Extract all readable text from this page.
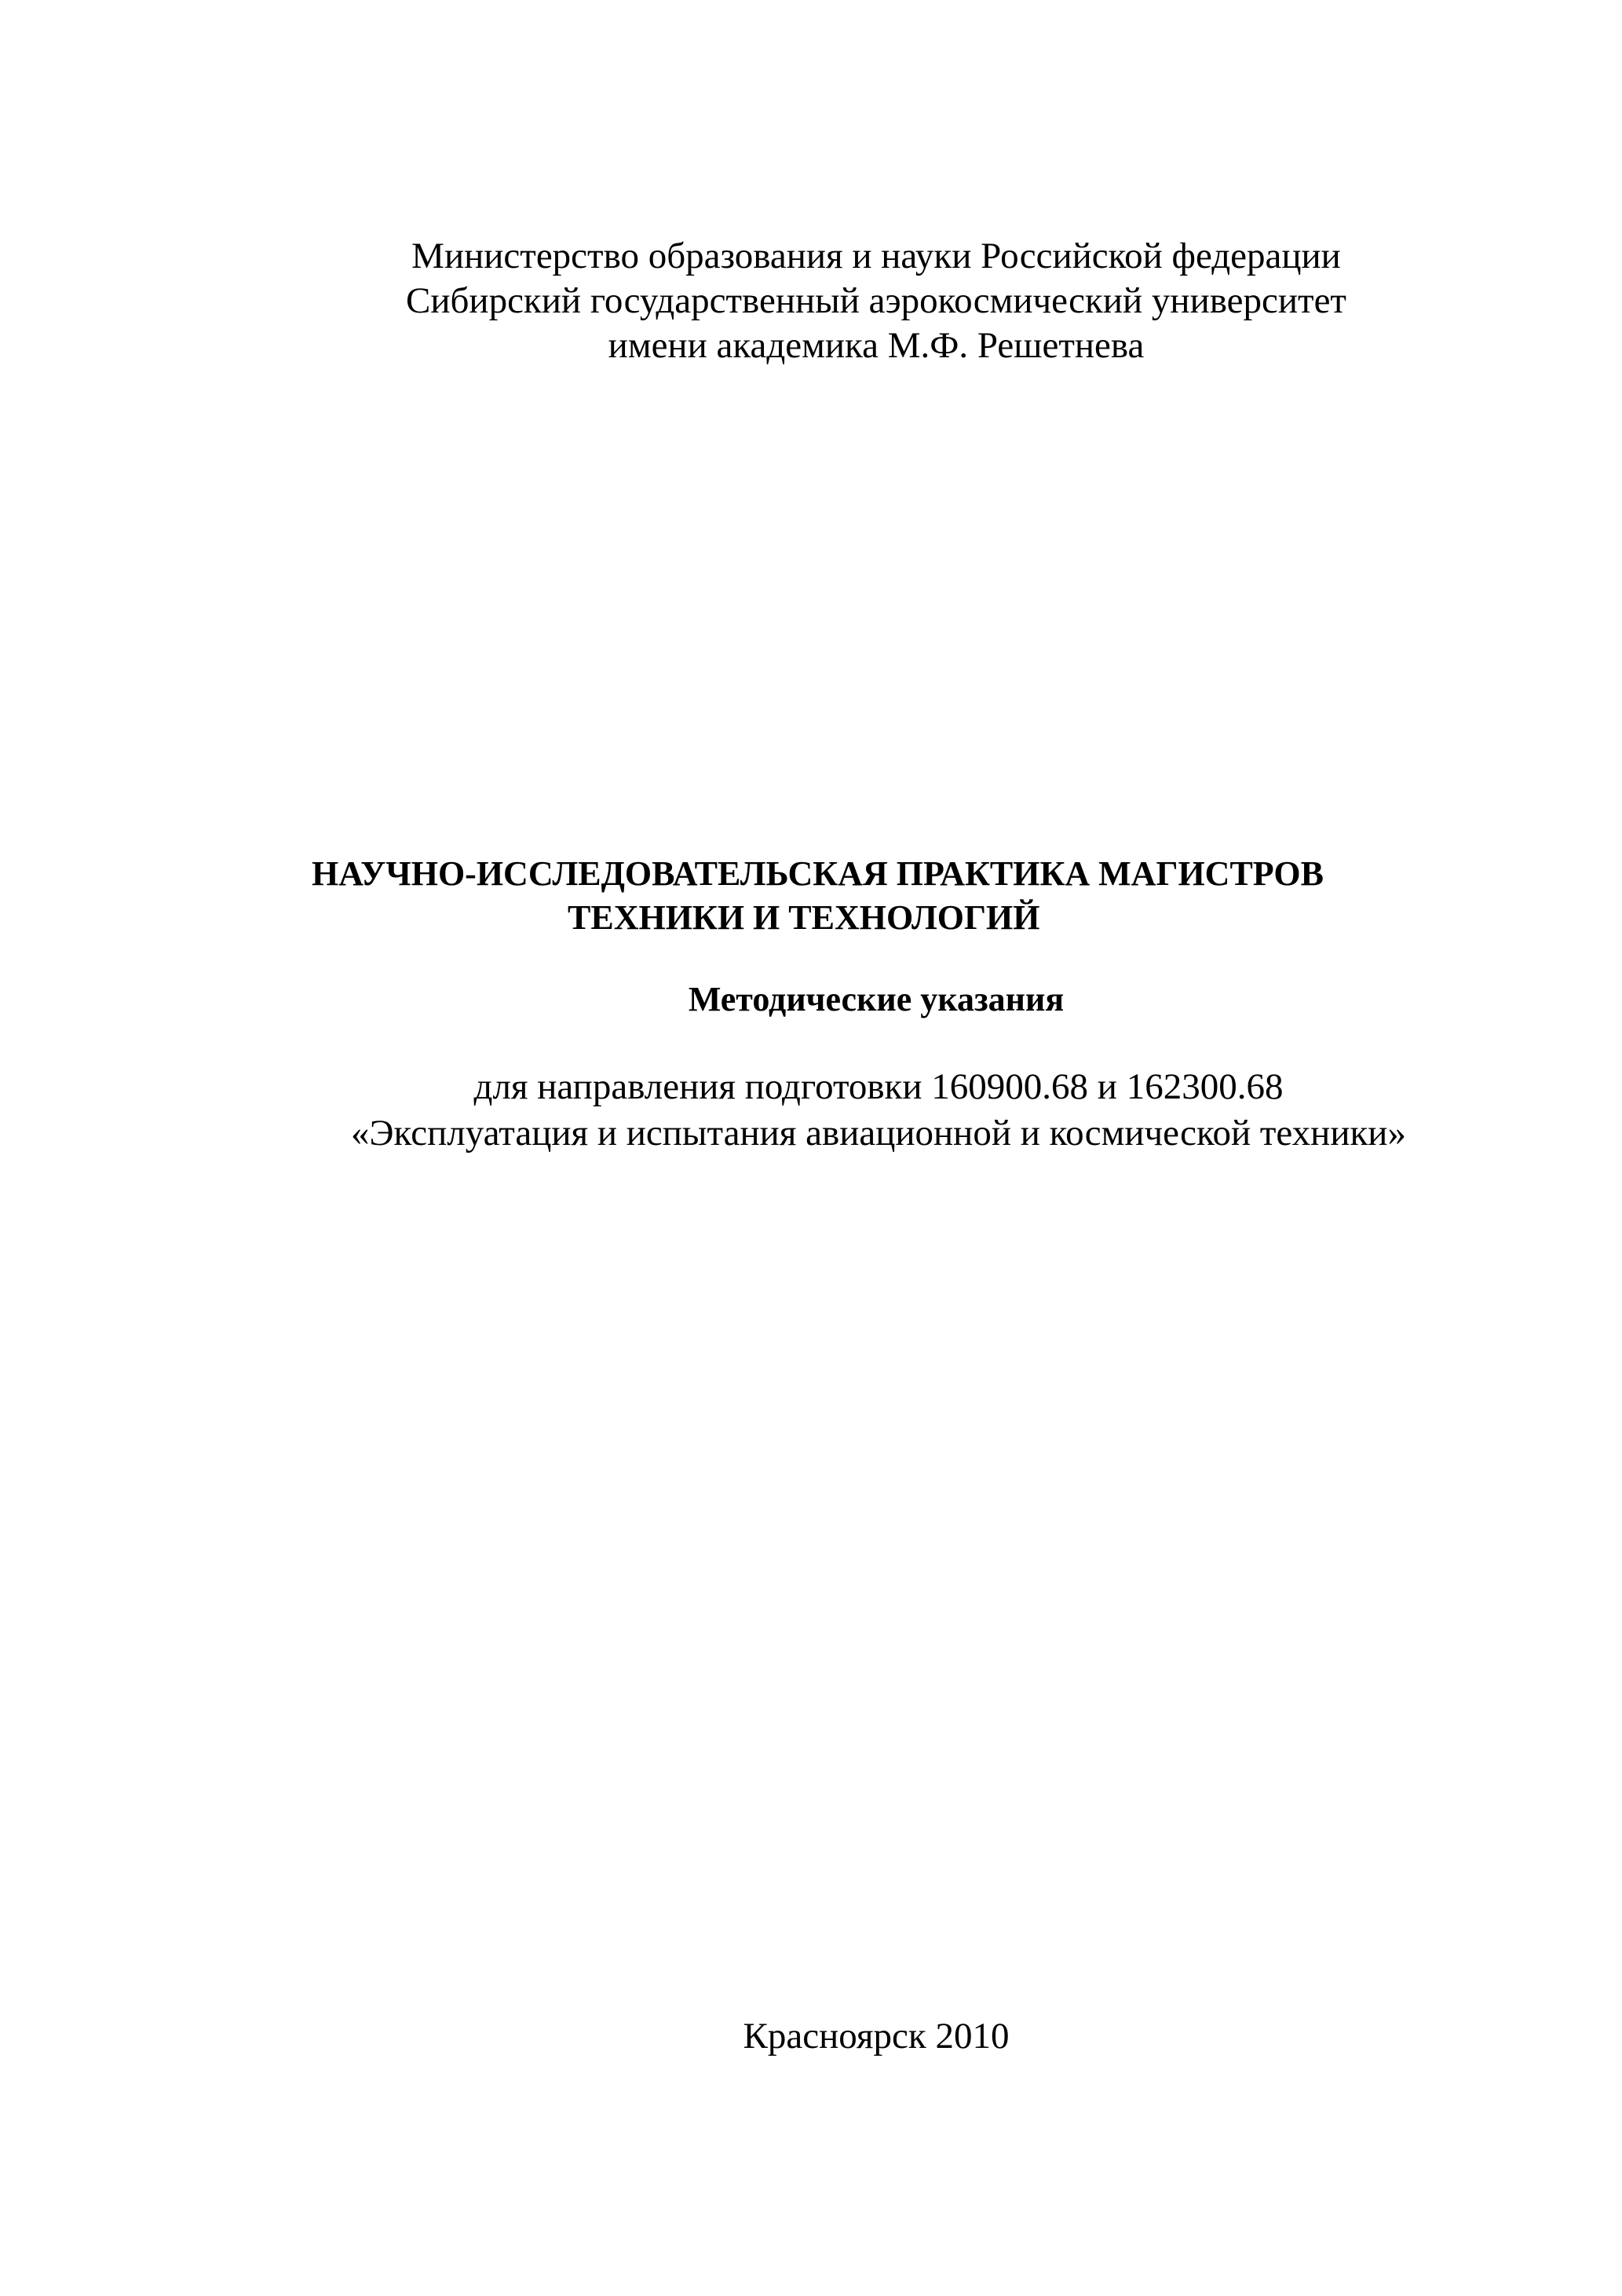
Министерство образования и науки Российской федерации
Сибирский государственный аэрокосмический университет
имени академика М.Ф. Решетнева
НАУЧНО-ИССЛЕДОВАТЕЛЬСКАЯ ПРАКТИКА МАГИСТРОВ
ТЕХНИКИ И ТЕХНОЛОГИЙ
Методические указания
для направления подготовки 160900.68 и 162300.68
«Эксплуатация и испытания авиационной и космической техники»
Красноярск 2010
